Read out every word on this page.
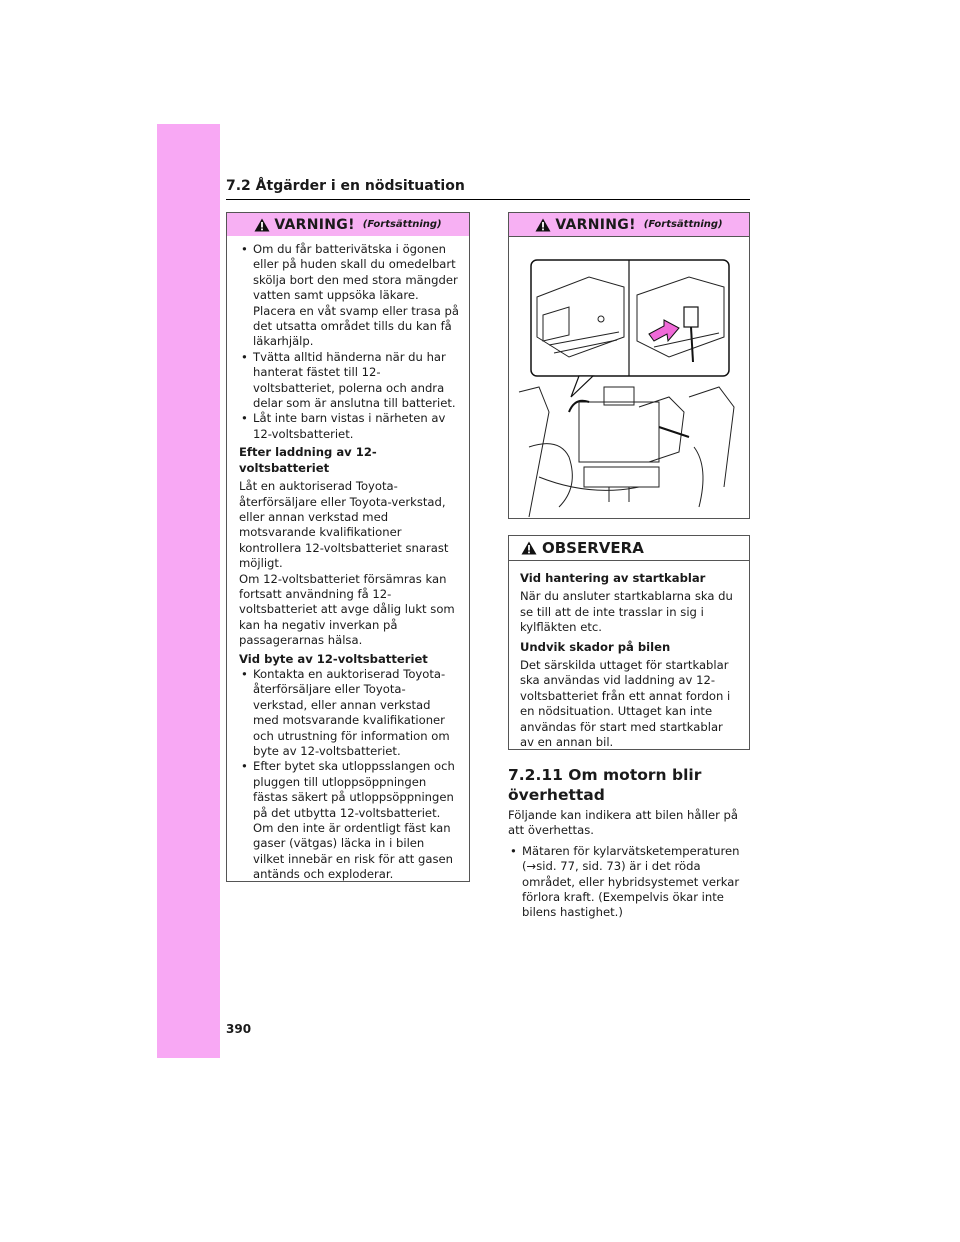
7.2 Åtgärder i en nödsituation
VARNING! (Fortsättning)

• Om du får batterivätska i ögonen eller på huden skall du omedelbart skölja bort den med stora mängder vatten samt uppsöka läkare. Placera en våt svamp eller trasa på det utsatta området tills du kan få läkarhjälp.

• Tvätta alltid händerna när du har hanterat fästet till 12-voltsbatteriet, polerna och andra delar som är anslutna till batteriet.

• Låt inte barn vistas i närheten av 12-voltsbatteriet.

Efter laddning av 12-voltsbatteriet

Låt en auktoriserad Toyota-återförsäljare eller Toyota-verkstad, eller annan verkstad med motsvarande kvalifikationer kontrollera 12-voltsbatteriet snarast möjligt.

Om 12-voltsbatteriet försämras kan fortsatt användning få 12-voltsbatteriet att avge dålig lukt som kan ha negativ inverkan på passagerarnas hälsa.

Vid byte av 12-voltsbatteriet

• Kontakta en auktoriserad Toyota-återförsäljare eller Toyota-verkstad, eller annan verkstad med motsvarande kvalifikationer och utrustning för information om byte av 12-voltsbatteriet.

• Efter bytet ska utloppsslangen och pluggen till utloppsöppningen fästas säkert på utloppsöppningen på det utbytta 12-voltsbatteriet. Om den inte är ordentligt fäst kan gaser (vätgas) läcka in i bilen vilket innebär en risk för att gasen antänds och exploderar.

VARNING! (Fortsättning)
OBSERVERA

Vid hantering av startkablar

När du ansluter startkablarna ska du se till att de inte trasslar in sig i kylfläkten etc.

Undvik skador på bilen

Det särskilda uttaget för startkablar ska användas vid laddning av 12-voltsbatteriet från ett annat fordon i en nödsituation. Uttaget kan inte användas för start med startkablar av en annan bil.

7.2.11 Om motorn blir överhettad

Följande kan indikera att bilen håller på att överhettas.

• Mätaren för kylarvätsketemperaturen (→sid. 77, sid. 73) är i det röda området, eller hybridsystemet verkar förlora kraft. (Exempelvis ökar inte bilens hastighet.)

390
